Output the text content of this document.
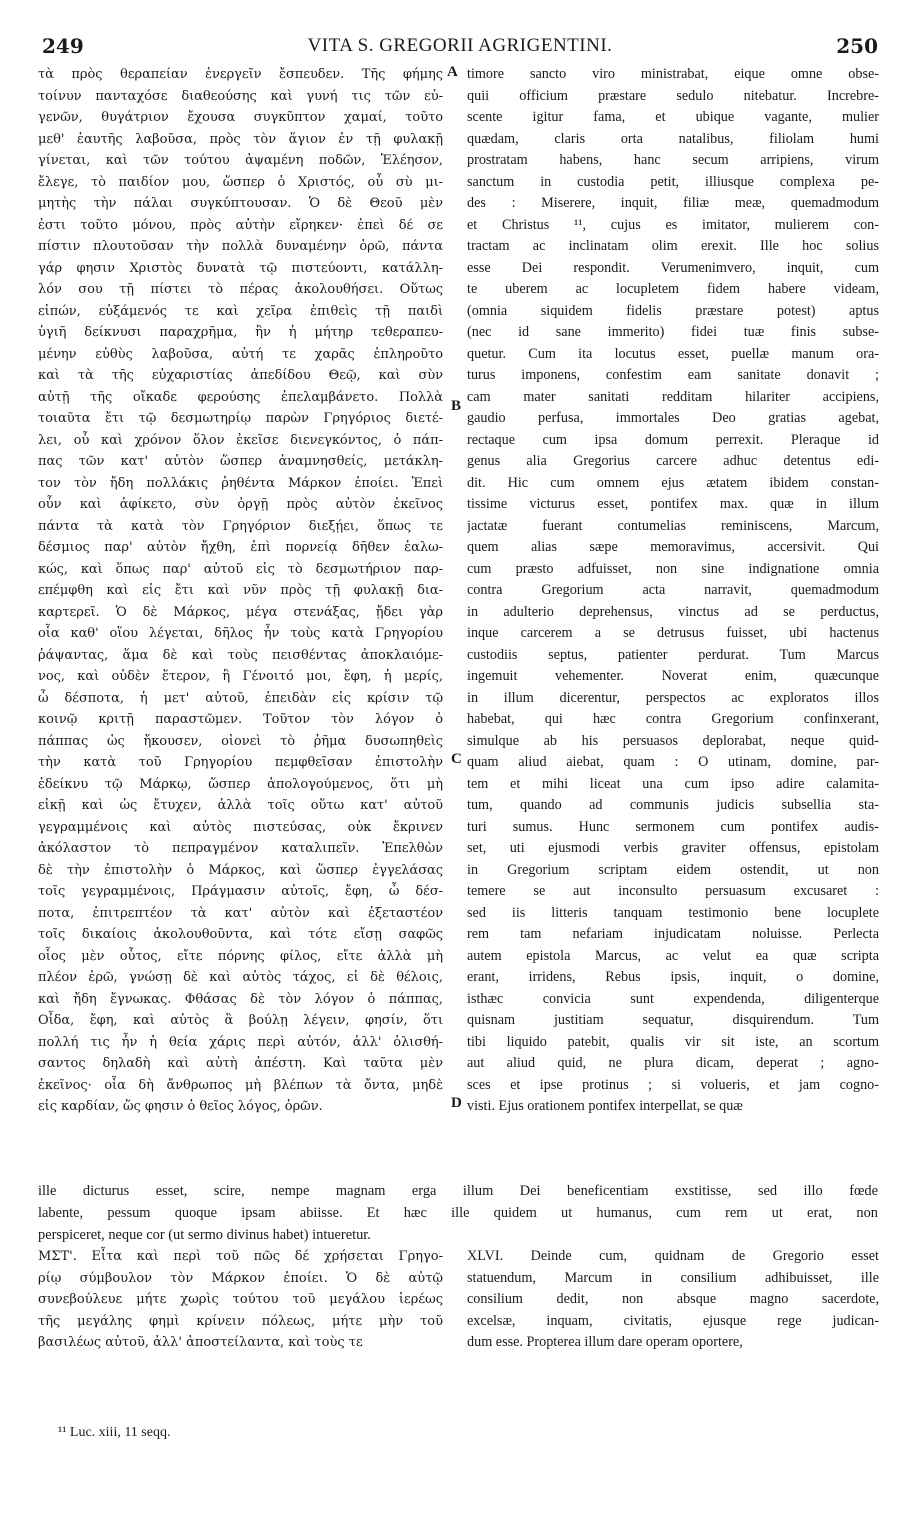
249	VITA S. GREGORII AGRIGENTINI.	250
τὰ πρὸς θεραπείαν ἐνεργεῖν ἔσπευδεν. Τῆς φήμης
τοίνυν πανταχόσε διαθεούσης καὶ γυνή τις τῶν εὐ-
γενῶν, θυγάτριον ἔχουσα συγκῦπτον χαμαί, τοῦτο
μεθ' ἑαυτῆς λαβοῦσα, πρὸς τὸν ἅγιον ἐν τῇ φυλακῇ
γίνεται, καὶ τῶν τούτου ἀψαμένη ποδῶν, Ἐλέησον,
ἔλεγε, τὸ παιδίον μου, ὥσπερ ὁ Χριστός, οὗ σὺ μι-
μητὴς τὴν πάλαι συγκύπτουσαν. Ὁ δὲ Θεοῦ μὲν
ἐστι τοῦτο μόνου, πρὸς αὐτὴν εἴρηκεν· ἐπεὶ δέ σε
πίστιν πλουτοῦσαν τὴν πολλὰ δυναμένην ὁρῶ, πάντα
γάρ φησιν Χριστὸς δυνατὰ τῷ πιστεύοντι, κατάλλη-
λόν σου τῇ πίστει τὸ πέρας ἀκολουθήσει. Οὕτως
εἰπών, εὐξάμενός τε καὶ χεῖρα ἐπιθεὶς τῇ παιδὶ
ὑγιῆ δείκνυσι παραχρῆμα, ἣν ἡ μήτηρ τεθεραπευ-
μένην εὐθὺς λαβοῦσα, αὐτή τε χαρᾶς ἐπληροῦτο
καὶ τὰ τῆς εὐχαριστίας ἀπεδίδου Θεῷ, καὶ σὺν
αὐτῇ τῆς οἴκαδε φερούσης ἐπελαμβάνετο. Πολλὰ
τοιαῦτα ἔτι τῷ δεσμωτηρίῳ παρὼν Γρηγόριος διετέ-
λει, οὗ καὶ χρόνον ὅλον ἐκεῖσε διενεγκόντος, ὁ πάπ-
πας τῶν κατ' αὐτὸν ὥσπερ ἀναμνησθείς, μετάκλη-
τον τὸν ἤδη πολλάκις ῥηθέντα Μάρκον ἐποίει. Ἐπεὶ
οὖν καὶ ἀφίκετο, σὺν ὀργῇ πρὸς αὐτὸν ἐκεῖνος
πάντα τὰ κατὰ τὸν Γρηγόριον διεξῄει, ὅπως τε
δέσμιος παρ' αὐτὸν ἤχθη, ἐπὶ πορνείᾳ δῆθεν ἑαλω-
κώς, καὶ ὅπως παρ' αὐτοῦ εἰς τὸ δεσμωτήριον παρ-
επέμφθη καὶ εἰς ἔτι καὶ νῦν πρὸς τῇ φυλακῇ δια-
καρτερεῖ. Ὁ δὲ Μάρκος, μέγα στενάξας, ᾔδει γὰρ
οἷα καθ' οἵου λέγεται, δῆλος ἦν τοὺς κατὰ Γρηγορίου
ῥάψαντας, ἅμα δὲ καὶ τοὺς πεισθέντας ἀποκλαιόμε-
νος, καὶ οὐδὲν ἕτερον, ἢ Γένοιτό μοι, ἔφη, ἡ μερίς,
ὦ δέσποτα, ἡ μετ' αὐτοῦ, ἐπειδὰν εἰς κρίσιν τῷ
κοινῷ κριτῇ παραστῶμεν. Τοῦτον τὸν λόγον ὁ
πάππας ὡς ἤκουσεν, οἱονεὶ τὸ ῥῆμα δυσωπηθεὶς
τὴν κατὰ τοῦ Γρηγορίου πεμφθεῖσαν ἐπιστολὴν
ἐδείκνυ τῷ Μάρκῳ, ὥσπερ ἀπολογούμενος, ὅτι μὴ
εἰκῇ καὶ ὡς ἔτυχεν, ἀλλὰ τοῖς οὕτω κατ' αὐτοῦ
γεγραμμένοις καὶ αὐτὸς πιστεύσας, οὐκ ἔκρινεν
ἀκόλαστον τὸ πεπραγμένον καταλιπεῖν. Ἐπελθὼν
δὲ τὴν ἐπιστολὴν ὁ Μάρκος, καὶ ὥσπερ ἐγγελάσας
τοῖς γεγραμμένοις, Πράγμασιν αὐτοῖς, ἔφη, ὦ δέσ-
ποτα, ἐπιτρεπτέον τὰ κατ' αὐτὸν καὶ ἐξεταστέον
τοῖς δικαίοις ἀκολουθοῦντα, καὶ τότε εἴσῃ σαφῶς
οἷος μὲν οὗτος, εἴτε πόρνης φίλος, εἴτε ἀλλὰ μὴ
πλέον ἐρῶ, γνώσῃ δὲ καὶ αὐτὸς τάχος, εἰ δὲ θέλοις,
καὶ ἤδη ἔγνωκας. Φθάσας δὲ τὸν λόγον ὁ πάππας,
Οἶδα, ἔφη, καὶ αὐτὸς ἃ βούλῃ λέγειν, φησίν, ὅτι
πολλή τις ἦν ἡ θεία χάρις περὶ αὐτόν, ἀλλ' ὀλισθή-
σαντος δηλαδὴ καὶ αὐτὴ ἀπέστη. Καὶ ταῦτα μὲν
ἐκεῖνος· οἷα δὴ ἄνθρωπος μὴ βλέπων τὰ ὄντα, μηδὲ
εἰς καρδίαν, ὥς φησιν ὁ θεῖος λόγος, ὁρῶν.
timore sancto viro ministrabat, eique omne obse-
quii officium præstare sedulo nitebatur. Increbre-
scente igitur fama, et ubique vagante, mulier
quædam, claris orta natalibus, filiolam humi
prostratam habens, hanc secum arripiens, virum
sanctum in custodia petit, illiusque complexa pe-
des : Miserere, inquit, filiæ meæ, quemadmodum
et Christus ¹¹, cujus es imitator, mulierem con-
tractam ac inclinatam olim erexit. Ille hoc solius
esse Dei respondit. Verumenimvero, inquit, cum
te uberem ac locupletem fidem habere videam,
(omnia siquidem fidelis præstare potest) aptus
(nec id sane immerito) fidei tuæ finis subse-
quetur. Cum ita locutus esset, puellæ manum ora-
turus imponens, confestim eam sanitate donavit ;
cam mater sanitati redditam hilariter accipiens,
gaudio perfusa, immortales Deo gratias agebat,
rectaque cum ipsa domum perrexit. Pleraque id
genus alia Gregorius carcere adhuc detentus edi-
dit. Hic cum omnem ejus ætatem ibidem constan-
tissime victurus esset, pontifex max. quæ in illum
jactatæ fuerant contumelias reminiscens, Marcum,
quem alias sæpe memoravimus, accersivit. Qui
cum præsto adfuisset, non sine indignatione omnia
contra Gregorium acta narravit, quemadmodum
in adulterio deprehensus, vinctus ad se perductus,
inque carcerem a se detrusus fuisset, ubi hactenus
custodiis septus, patienter perdurat. Tum Marcus
ingemuit vehementer. Noverat enim, quæcunque
in illum dicerentur, perspectos ac exploratos illos
habebat, qui hæc contra Gregorium confinxerant,
simulque ab his persuasos deplorabat, neque quid-
quam aliud aiebat, quam : O utinam, domine, par-
tem et mihi liceat una cum ipso adire calamita-
tum, quando ad communis judicis subsellia sta-
turi sumus. Hunc sermonem cum pontifex audis-
set, uti ejusmodi verbis graviter offensus, epistolam
in Gregorium scriptam eidem ostendit, ut non
temere se aut inconsulto persuasum excusaret :
sed iis litteris tanquam testimonio bene locuplete
rem tam nefariam injudicatam noluisse. Perlecta
autem epistola Marcus, ac velut ea quæ scripta
erant, irridens, Rebus ipsis, inquit, o domine,
isthæc convicia sunt expendenda, diligenterque
quisnam justitiam sequatur, disquirendum. Tum
tibi liquido patebit, qualis vir sit iste, an scortum
aut aliud quid, ne plura dicam, deperat ; agno-
sces et ipse protinus ; si volueris, et jam cogno-
visti. Ejus orationem pontifex interpellat, se quæ
A
B
C
D
ille dicturus esset, scire, nempe magnam erga illum Dei beneficentiam exstitisse, sed illo fœde
labente, pessum quoque ipsam abiisse. Et hæc ille quidem ut humanus, cum rem ut erat, non
perspiceret, neque cor (ut sermo divinus habet) intueretur.
ΜΣΤ'. Εἶτα καὶ περὶ τοῦ πῶς δέ χρήσεται Γρηγο-
ρίῳ σύμβουλον τὸν Μάρκον ἐποίει. Ὁ δὲ αὐτῷ
συνεβούλευε μήτε χωρὶς τούτου τοῦ μεγάλου ἱερέως
τῆς μεγάλης φημὶ κρίνειν πόλεως, μήτε μὴν τοῦ
βασιλέως αὐτοῦ, ἀλλ' ἀποστείλαντα, καὶ τοὺς τε
XLVI. Deinde cum, quidnam de Gregorio esset
statuendum, Marcum in consilium adhibuisset, ille
consilium dedit, non absque magno sacerdote,
excelsæ, inquam, civitatis, ejusque rege judican-
dum esse. Propterea illum dare operam oportere,
¹¹ Luc. xiii, 11 seqq.
